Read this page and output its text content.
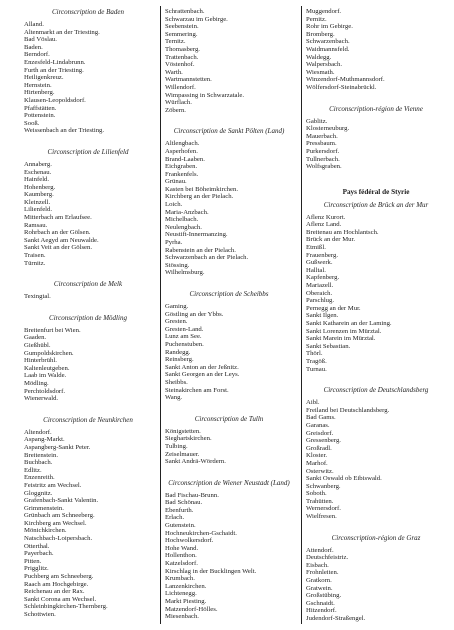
Circonscription de Baden
Alland.
Altenmarkt an der Triesting.
Bad Vöslau.
Baden.
Berndorf.
Enzesfeld-Lindabrunn.
Furth an der Triesting.
Heiligenkreuz.
Hernstein.
Hirtenberg.
Klausen-Leopoldsdorf.
Pfaffstätten.
Pottenstein.
Sooß.
Weissenbach an der Triesting.
Circonscription de Lilienfeld
Annaberg.
Eschenau.
Hainfeld.
Hohenberg.
Kaumberg.
Kleinzell.
Lilienfeld.
Mitterbach am Erlaufsee.
Ramsau.
Rohrbach an der Gölsen.
Sankt Aegyd am Neuwalde.
Sankt Veit an der Gölsen.
Traisen.
Türnitz.
Circonscription de Melk
Texingtal.
Circonscription de Mödling
Breitenfurt bei Wien.
Gaaden.
Gießhübl.
Gumpoldskirchen.
Hinterbrühl.
Kaltenleutgeben.
Laab im Walde.
Mödling.
Perchtoldsdorf.
Wienerwald.
Circonscription de Neunkirchen
Altendorf.
Aspang-Markt.
Aspangberg-Sankt Peter.
Breitenstein.
Buchbach.
Edlitz.
Enzenreith.
Feistritz am Wechsel.
Gloggnitz.
Grafenbach-Sankt Valentin.
Grimmenstein.
Grünbach am Schneeberg.
Kirchberg am Wechsel.
Mönichkirchen.
Natschbach-Loipersbach.
Otterthal.
Payerbach.
Pitten.
Prigglitz.
Puchberg am Schneeberg.
Raach am Hochgebirge.
Reichenau an der Rax.
Sankt Corona am Wechsel.
Schleinbingkirchen-Thernberg.
Schottwien.
Schrattenbach.
Schwarzau im Gebirge.
Seebenstein.
Semmering.
Ternitz.
Thomasberg.
Trattenbach.
Vöstenhof.
Warth.
Wartmannstetten.
Willendorf.
Wimpassing in Schwarzatale.
Würflach.
Zöbern.
Circonscription de Sankt Pölten (Land)
Altlengbach.
Asperhofen.
Brand-Laaben.
Eichgraben.
Frankenfels.
Grünau.
Kasten bei Böheimkirchen.
Kirchberg an der Pielach.
Loich.
Maria-Anzbach.
Michelbach.
Neulengbach.
Neustift-Innermanzing.
Pyrha.
Rabenstein an der Pielach.
Schwarzenbach an der Pielach.
Stössing.
Wilhelmsburg.
Circonscription de Scheibbs
Gaming.
Göstling an der Ybbs.
Gresten.
Gresten-Land.
Lunz am See.
Puchenstuben.
Randegg.
Reinsberg.
Sankt Anton an der Jeßnitz.
Sankt Georgen an der Leys.
Sheibbs.
Steinakirchen am Forst.
Wang.
Circonscription de Tulln
Königstetten.
Sieghartskirchen.
Tulbing.
Zeiselmauer.
Sankt Andrä-Wördern.
Circonscription de Wiener Neustadt (Land)
Bad Fischau-Brunn.
Bad Schönau.
Ebenfurth.
Erlach.
Gutenstein.
Hochneukirchen-Gschaidt.
Hochwolkersdorf.
Hohe Wand.
Hollenthon.
Katzelsdorf.
Kirschlag in der Bucklingen Welt.
Krumbach.
Lanzenkirchen.
Lichtenegg.
Markt Piesting.
Matzendorf-Hölles.
Miesenbach.
Muggendorf.
Pernitz.
Rohr im Gebirge.
Bromberg.
Schwarzenbach.
Waidmannsfeld.
Waldegg.
Walpersbach.
Wiesmath.
Winzendorf-Muthmannsdorf.
Wölfersdorf-Steinabrückl.
Circonscription-région de Vienne
Gablitz.
Klosterneuburg.
Mauerbach.
Pressbaum.
Purkersdorf.
Tullnerbach.
Wolfsgraben.
Pays fédéral de Styrie
Circonscription de Brück an der Mur
Aflenz Kurort.
Aflenz Land.
Breitenau am Hochlantsch.
Brück an der Mur.
Etmißl.
Frauenberg.
Gußwerk.
Halltal.
Kapfenberg.
Mariazell.
Oberaich.
Parschlug.
Pernegg an der Mur.
Sankt Ilgen.
Sankt Katharein an der Laming.
Sankt Lorenzen im Mürztal.
Sankt Marein im Mürztal.
Sankt Sebastian.
Thörl.
Tragöß.
Turnau.
Circonscription de Deutschlandsberg
Aibl.
Freiland bei Deutschlandsberg.
Bad Gams.
Garanas.
Greisdorf.
Gressenberg.
Großradl.
Kloster.
Marhof.
Osterwitz.
Sankt Oswald ob Eibiswald.
Schwanberg.
Soboth.
Trahütten.
Wernersdorf.
Wielfresen.
Circonscription-région de Graz
Attendorf.
Deutschfeistriz.
Eisbach.
Frohnleiten.
Gratkorn.
Gratwein.
Großstübing.
Gschnaidt.
Hitzendorf.
Judendorf-Straßengel.
